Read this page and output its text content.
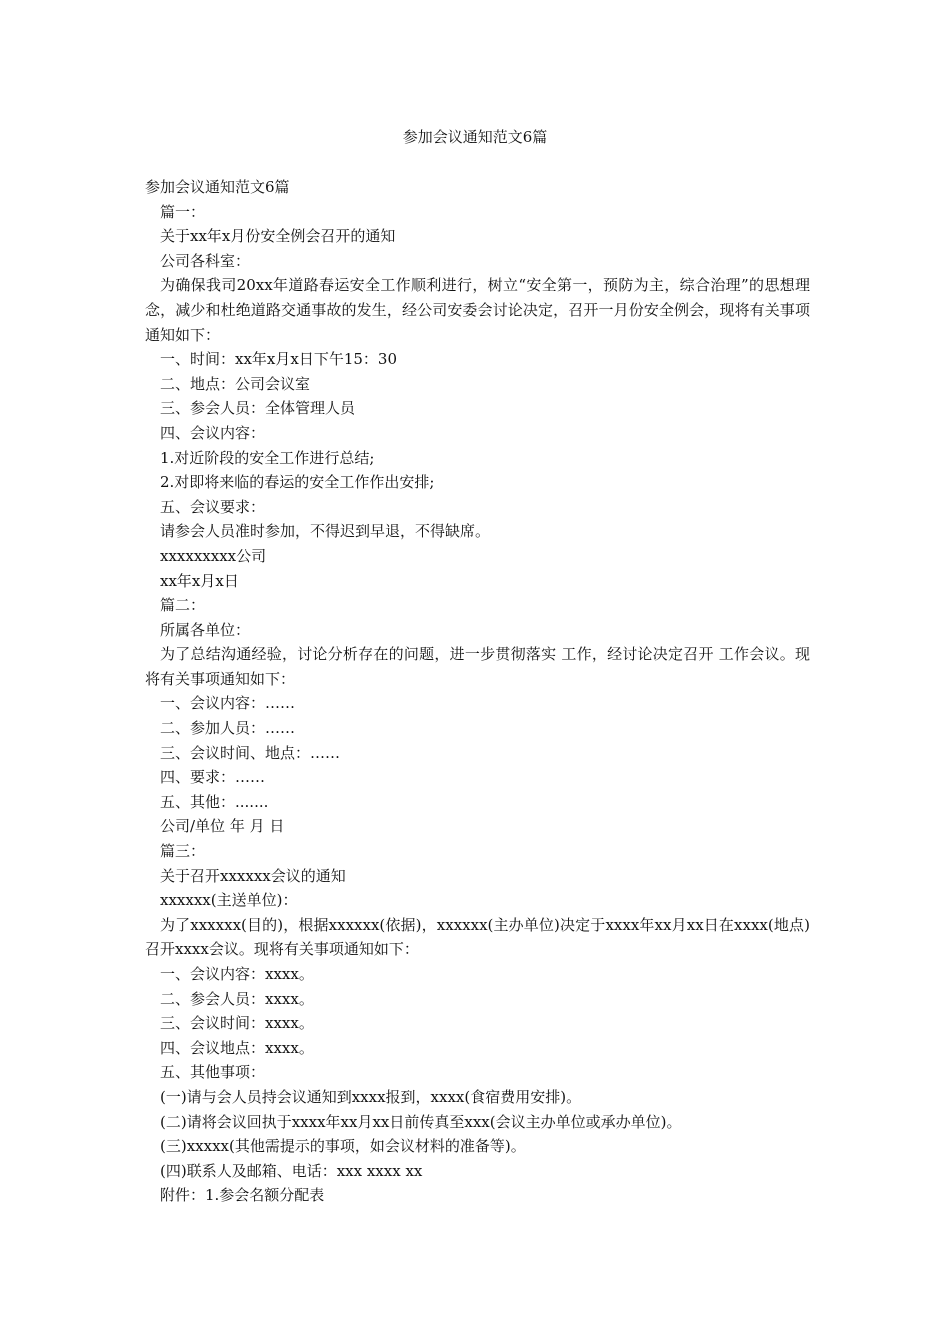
参加会议通知范文6篇
参加会议通知范文6篇
篇一：
关于xx年x月份安全例会召开的通知
公司各科室：
为确保我司20xx年道路春运安全工作顺利进行，树立“安全第一，预防为主，综合治理”的思想理念，减少和杜绝道路交通事故的发生，经公司安委会讨论决定，召开一月份安全例会，现将有关事项通知如下：
一、时间：xx年x月x日下午15：30
二、地点：公司会议室
三、参会人员：全体管理人员
四、会议内容：
1.对近阶段的安全工作进行总结;
2.对即将来临的春运的安全工作作出安排;
五、会议要求：
请参会人员准时参加，不得迟到早退，不得缺席。
xxxxxxxxx公司
xx年x月x日
篇二：
所属各单位：
为了总结沟通经验，讨论分析存在的问题，进一步贯彻落实 工作，经讨论决定召开 工作会议。现将有关事项通知如下：
一、会议内容：……
二、参加人员：……
三、会议时间、地点：……
四、要求：……
五、其他：.......
公司/单位 年 月 日
篇三：
关于召开xxxxxx会议的通知
xxxxxx(主送单位)：
为了xxxxxx(目的)，根据xxxxxx(依据)，xxxxxx(主办单位)决定于xxxx年xx月xx日在xxxx(地点)召开xxxx会议。现将有关事项通知如下：
一、会议内容：xxxx。
二、参会人员：xxxx。
三、会议时间：xxxx。
四、会议地点：xxxx。
五、其他事项：
(一)请与会人员持会议通知到xxxx报到，xxxx(食宿费用安排)。
(二)请将会议回执于xxxx年xx月xx日前传真至xxx(会议主办单位或承办单位)。
(三)xxxxx(其他需提示的事项，如会议材料的准备等)。
(四)联系人及邮箱、电话：xxx xxxx xx
附件：1.参会名额分配表
